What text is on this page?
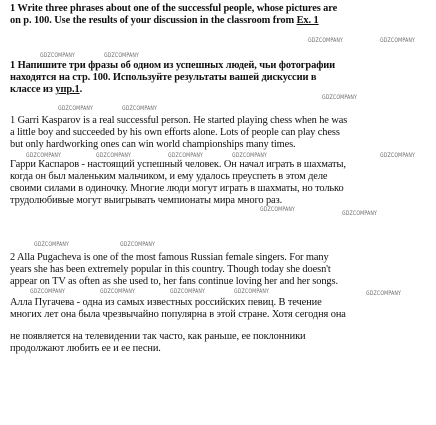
1 Write three phrases about one of the successful people, whose pictures are
on p. 100. Use the results of your discussion in the classroom from Ex. 1
GDZCOMPANY	GDZCOMPANY
GDZCOMPANY	GDZCOMPANY
1 Напишите три фразы об одном из успешных людей, чьи фотографии
находятся на стр. 100. Используйте результаты вашей дискуссии в
классе из упр.1.
GDZCOMPANY
GDZCOMPANY	GDZCOMPANY
1 Garri Kasparov is a real successful person. He started playing chess when he was
a little boy and succeeded by his own efforts alone. Lots of people can play chess
but only hardworking ones can win world championships many times.
GDZCOMPANY	GDZCOMPANY	GDZCOMPANY	GDZCOMPANY	GDZCOMPANY
Гарри Каспаров - настоящий успешный человек. Он начал играть в шахматы,
когда он был маленьким мальчиком, и ему удалось преуспеть в этом деле
своими силами в одиночку. Многие люди могут играть в шахматы, но только
трудолюбивые могут выигрывать чемпионаты мира много раз.
GDZCOMPANY
GDZCOMPANY
GDZCOMPANY	GDZCOMPANY
2 Alla Pugacheva is one of the most famous Russian female singers. For many
years she has been extremely popular in this country. Though today she doesn't
appear on TV as often as she used to, her fans continue loving her and her songs.
GDZCOMPANY	GDZCOMPANY	GDZCOMPANY	GDZCOMPANY	GDZCOMPANY
Алла Пугачева - одна из самых известных российских певиц. В течение
многих лет она была чрезвычайно популярна в этой стране. Хотя сегодня она
не появляется на телевидении так часто, как раньше, ее поклонники
продолжают любить ее и ее песни.
